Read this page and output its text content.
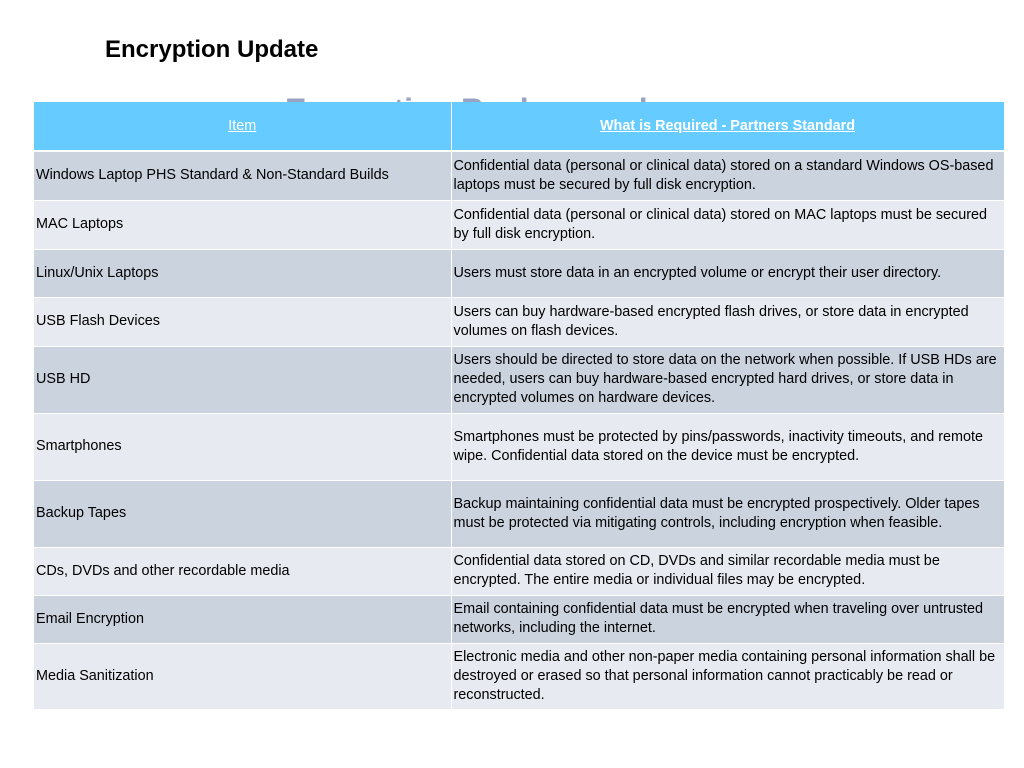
Encryption Update
Item	What is Required - Partners Standard
Windows Laptop PHS Standard & Non-Standard Builds	Confidential data (personal or clinical data) stored on a standard Windows OS-based laptops must be secured by full disk encryption.
MAC Laptops	Confidential data (personal or clinical data) stored on MAC laptops must be secured by full disk encryption.
Linux/Unix Laptops	Users must store data in an encrypted volume or encrypt their user directory.
USB Flash Devices	Users can buy hardware-based encrypted flash drives, or store data in encrypted volumes on flash devices.
USB HD	Users should be directed to store data on the network when possible. If USB HDs are needed, users can buy hardware-based encrypted hard drives, or store data in encrypted volumes on hardware devices.
Smartphones	Smartphones must be protected by pins/passwords, inactivity timeouts, and remote wipe. Confidential data stored on the device must be encrypted.
Backup Tapes	Backup maintaining confidential data must be encrypted prospectively. Older tapes must be protected via mitigating controls, including encryption when feasible.
CDs, DVDs and other recordable media	Confidential data stored on CD, DVDs and similar recordable media must be encrypted. The entire media or individual files may be encrypted.
Email Encryption	Email containing confidential data must be encrypted when traveling over untrusted networks, including the internet.
Media Sanitization	Electronic media and other non-paper media containing personal information shall be destroyed or erased so that personal information cannot practicably be read or reconstructed.
